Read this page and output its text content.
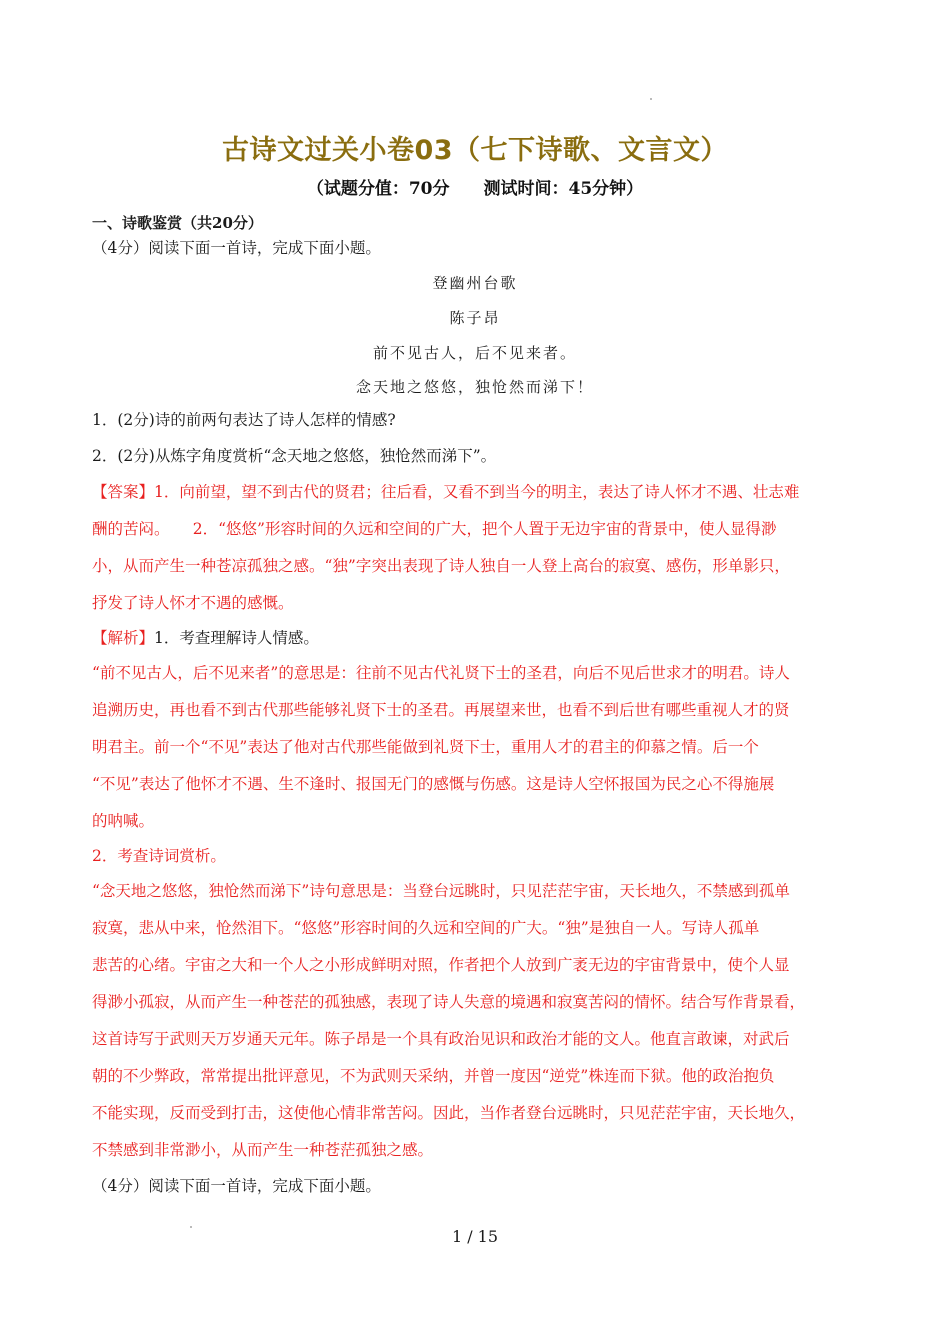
古诗文过关小卷03（七下诗歌、文言文）
（试题分值：70分　　测试时间：45分钟）
一、诗歌鉴赏（共20分）
（4分）阅读下面一首诗，完成下面小题。
登幽州台歌
陈子昂
前不见古人，后不见来者。
念天地之悠悠，独怆然而涕下！
1．(2分)诗的前两句表达了诗人怎样的情感?
2．(2分)从炼字角度赏析“念天地之悠悠，独怆然而涕下”。
【答案】1．向前望，望不到古代的贤君；往后看，又看不到当今的明主，表达了诗人怀才不遇、壮志难
酬的苦闷。　　2．“悠悠”形容时间的久远和空间的广大，把个人置于无边宇宙的背景中，使人显得渺
小，从而产生一种苍凉孤独之感。“独”字突出表现了诗人独自一人登上高台的寂寞、感伤，形单影只，
抒发了诗人怀才不遇的感慨。
【解析】1．考查理解诗人情感。
“前不见古人，后不见来者”的意思是：往前不见古代礼贤下士的圣君，向后不见后世求才的明君。诗人
追溯历史，再也看不到古代那些能够礼贤下士的圣君。再展望来世，也看不到后世有哪些重视人才的贤
明君主。前一个“不见”表达了他对古代那些能做到礼贤下士，重用人才的君主的仰慕之情。后一个
“不见”表达了他怀才不遇、生不逢时、报国无门的感慨与伤感。这是诗人空怀报国为民之心不得施展
的呐喊。
2．考查诗词赏析。
“念天地之悠悠，独怆然而涕下”诗句意思是：当登台远眺时，只见茫茫宇宙，天长地久，不禁感到孤单
寂寞，悲从中来，怆然泪下。“悠悠”形容时间的久远和空间的广大。“独”是独自一人。写诗人孤单
悲苦的心绪。宇宙之大和一个人之小形成鲜明对照，作者把个人放到广袤无边的宇宙背景中，使个人显
得渺小孤寂，从而产生一种苍茫的孤独感，表现了诗人失意的境遇和寂寞苦闷的情怀。结合写作背景看，
这首诗写于武则天万岁通天元年。陈子昂是一个具有政治见识和政治才能的文人。他直言敢谏，对武后
朝的不少弊政，常常提出批评意见，不为武则天采纳，并曾一度因“逆党”株连而下狱。他的政治抱负
不能实现，反而受到打击，这使他心情非常苦闷。因此，当作者登台远眺时，只见茫茫宇宙，天长地久，
不禁感到非常渺小，从而产生一种苍茫孤独之感。
（4分）阅读下面一首诗，完成下面小题。
1 / 15
